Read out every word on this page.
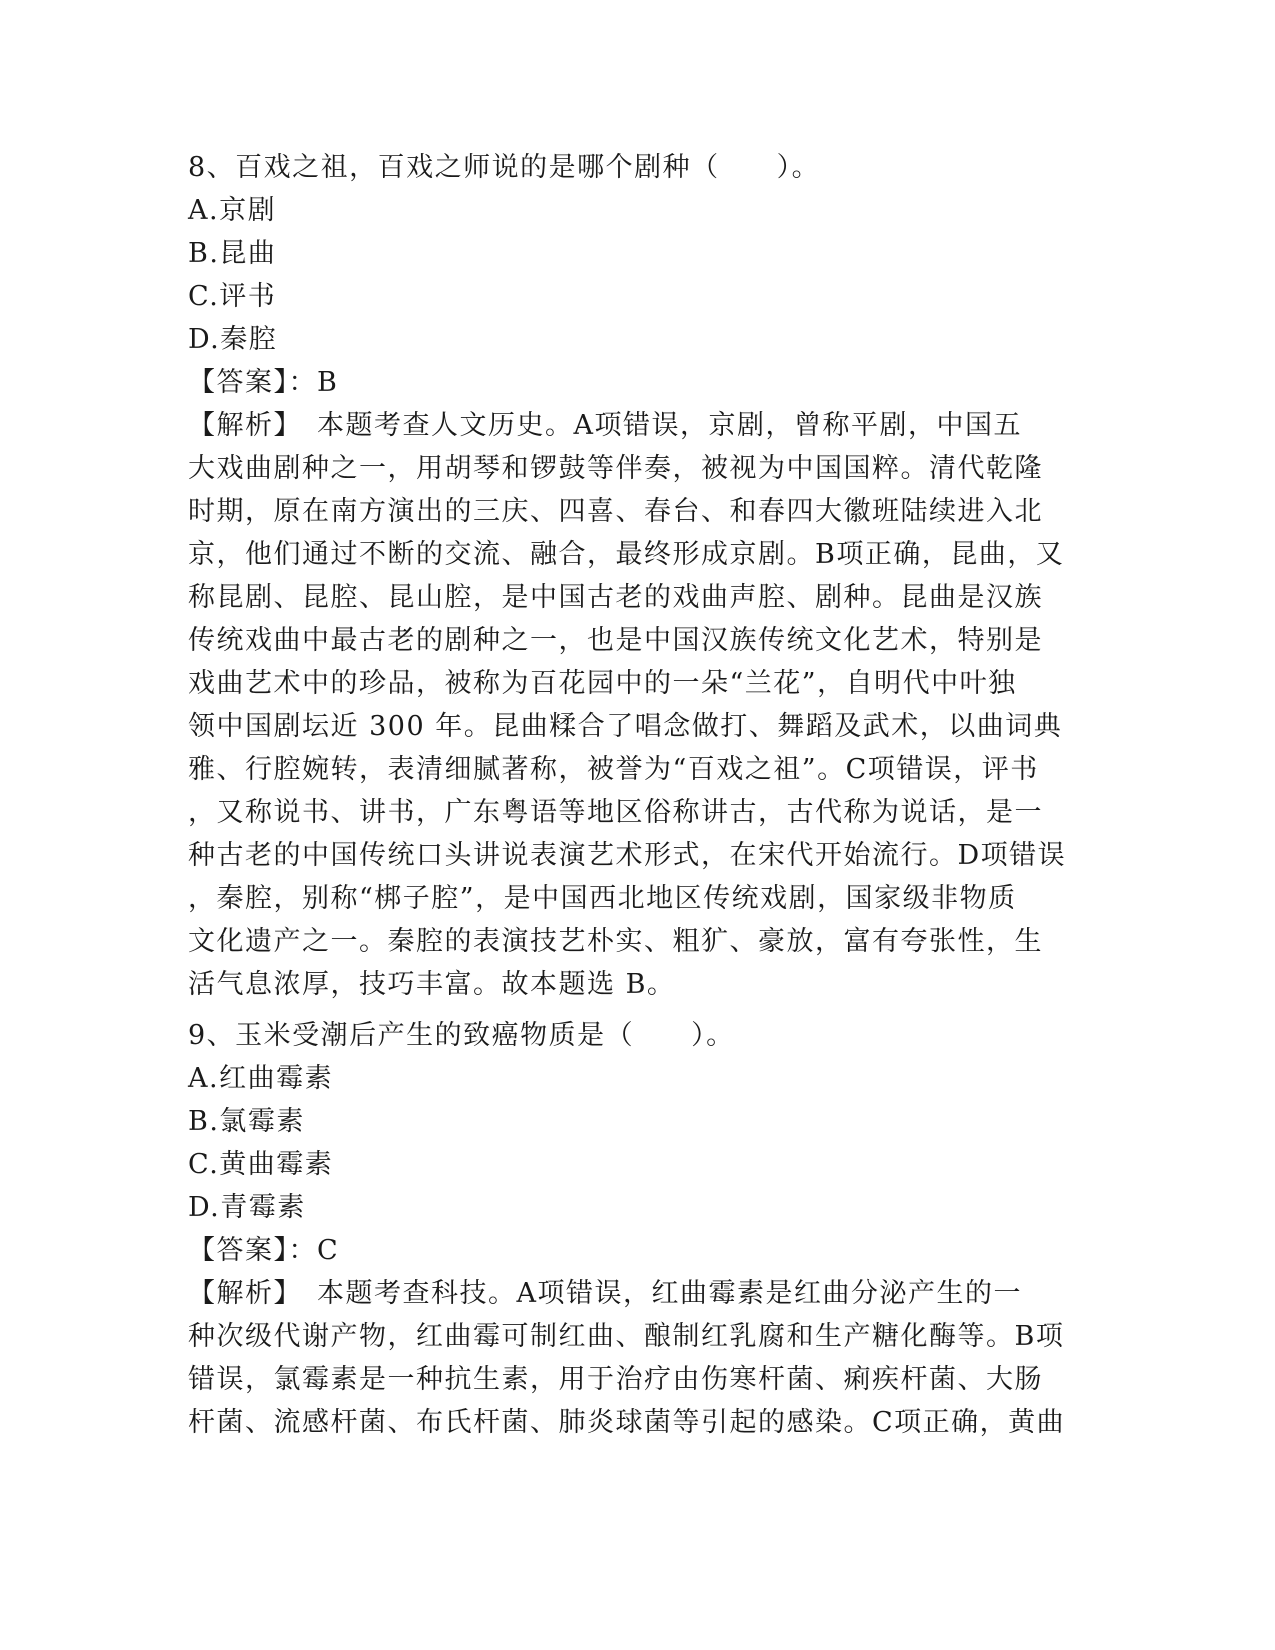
8、百戏之祖，百戏之师说的是哪个剧种（　　）。
A.京剧
B.昆曲
C.评书
D.秦腔
【答案】：B
【解析】　本题考查人文历史。A项错误，京剧，曾称平剧，中国五
大戏曲剧种之一，用胡琴和锣鼓等伴奏，被视为中国国粹。清代乾隆
时期，原在南方演出的三庆、四喜、春台、和春四大徽班陆续进入北
京，他们通过不断的交流、融合，最终形成京剧。B项正确，昆曲，又
称昆剧、昆腔、昆山腔，是中国古老的戏曲声腔、剧种。昆曲是汉族
传统戏曲中最古老的剧种之一，也是中国汉族传统文化艺术，特别是
戏曲艺术中的珍品，被称为百花园中的一朵“兰花”，自明代中叶独
领中国剧坛近 300 年。昆曲糅合了唱念做打、舞蹈及武术，以曲词典
雅、行腔婉转，表清细腻著称，被誉为“百戏之祖”。C项错误，评书
，又称说书、讲书，广东粤语等地区俗称讲古，古代称为说话，是一
种古老的中国传统口头讲说表演艺术形式，在宋代开始流行。D项错误
，秦腔，别称“梆子腔”，是中国西北地区传统戏剧，国家级非物质
文化遗产之一。秦腔的表演技艺朴实、粗犷、豪放，富有夸张性，生
活气息浓厚，技巧丰富。故本题选 B。
9、玉米受潮后产生的致癌物质是（　　）。
A.红曲霉素
B.氯霉素
C.黄曲霉素
D.青霉素
【答案】：C
【解析】　本题考查科技。A项错误，红曲霉素是红曲分泌产生的一
种次级代谢产物，红曲霉可制红曲、酿制红乳腐和生产糖化酶等。B项
错误，氯霉素是一种抗生素，用于治疗由伤寒杆菌、痢疾杆菌、大肠
杆菌、流感杆菌、布氏杆菌、肺炎球菌等引起的感染。C项正确，黄曲
